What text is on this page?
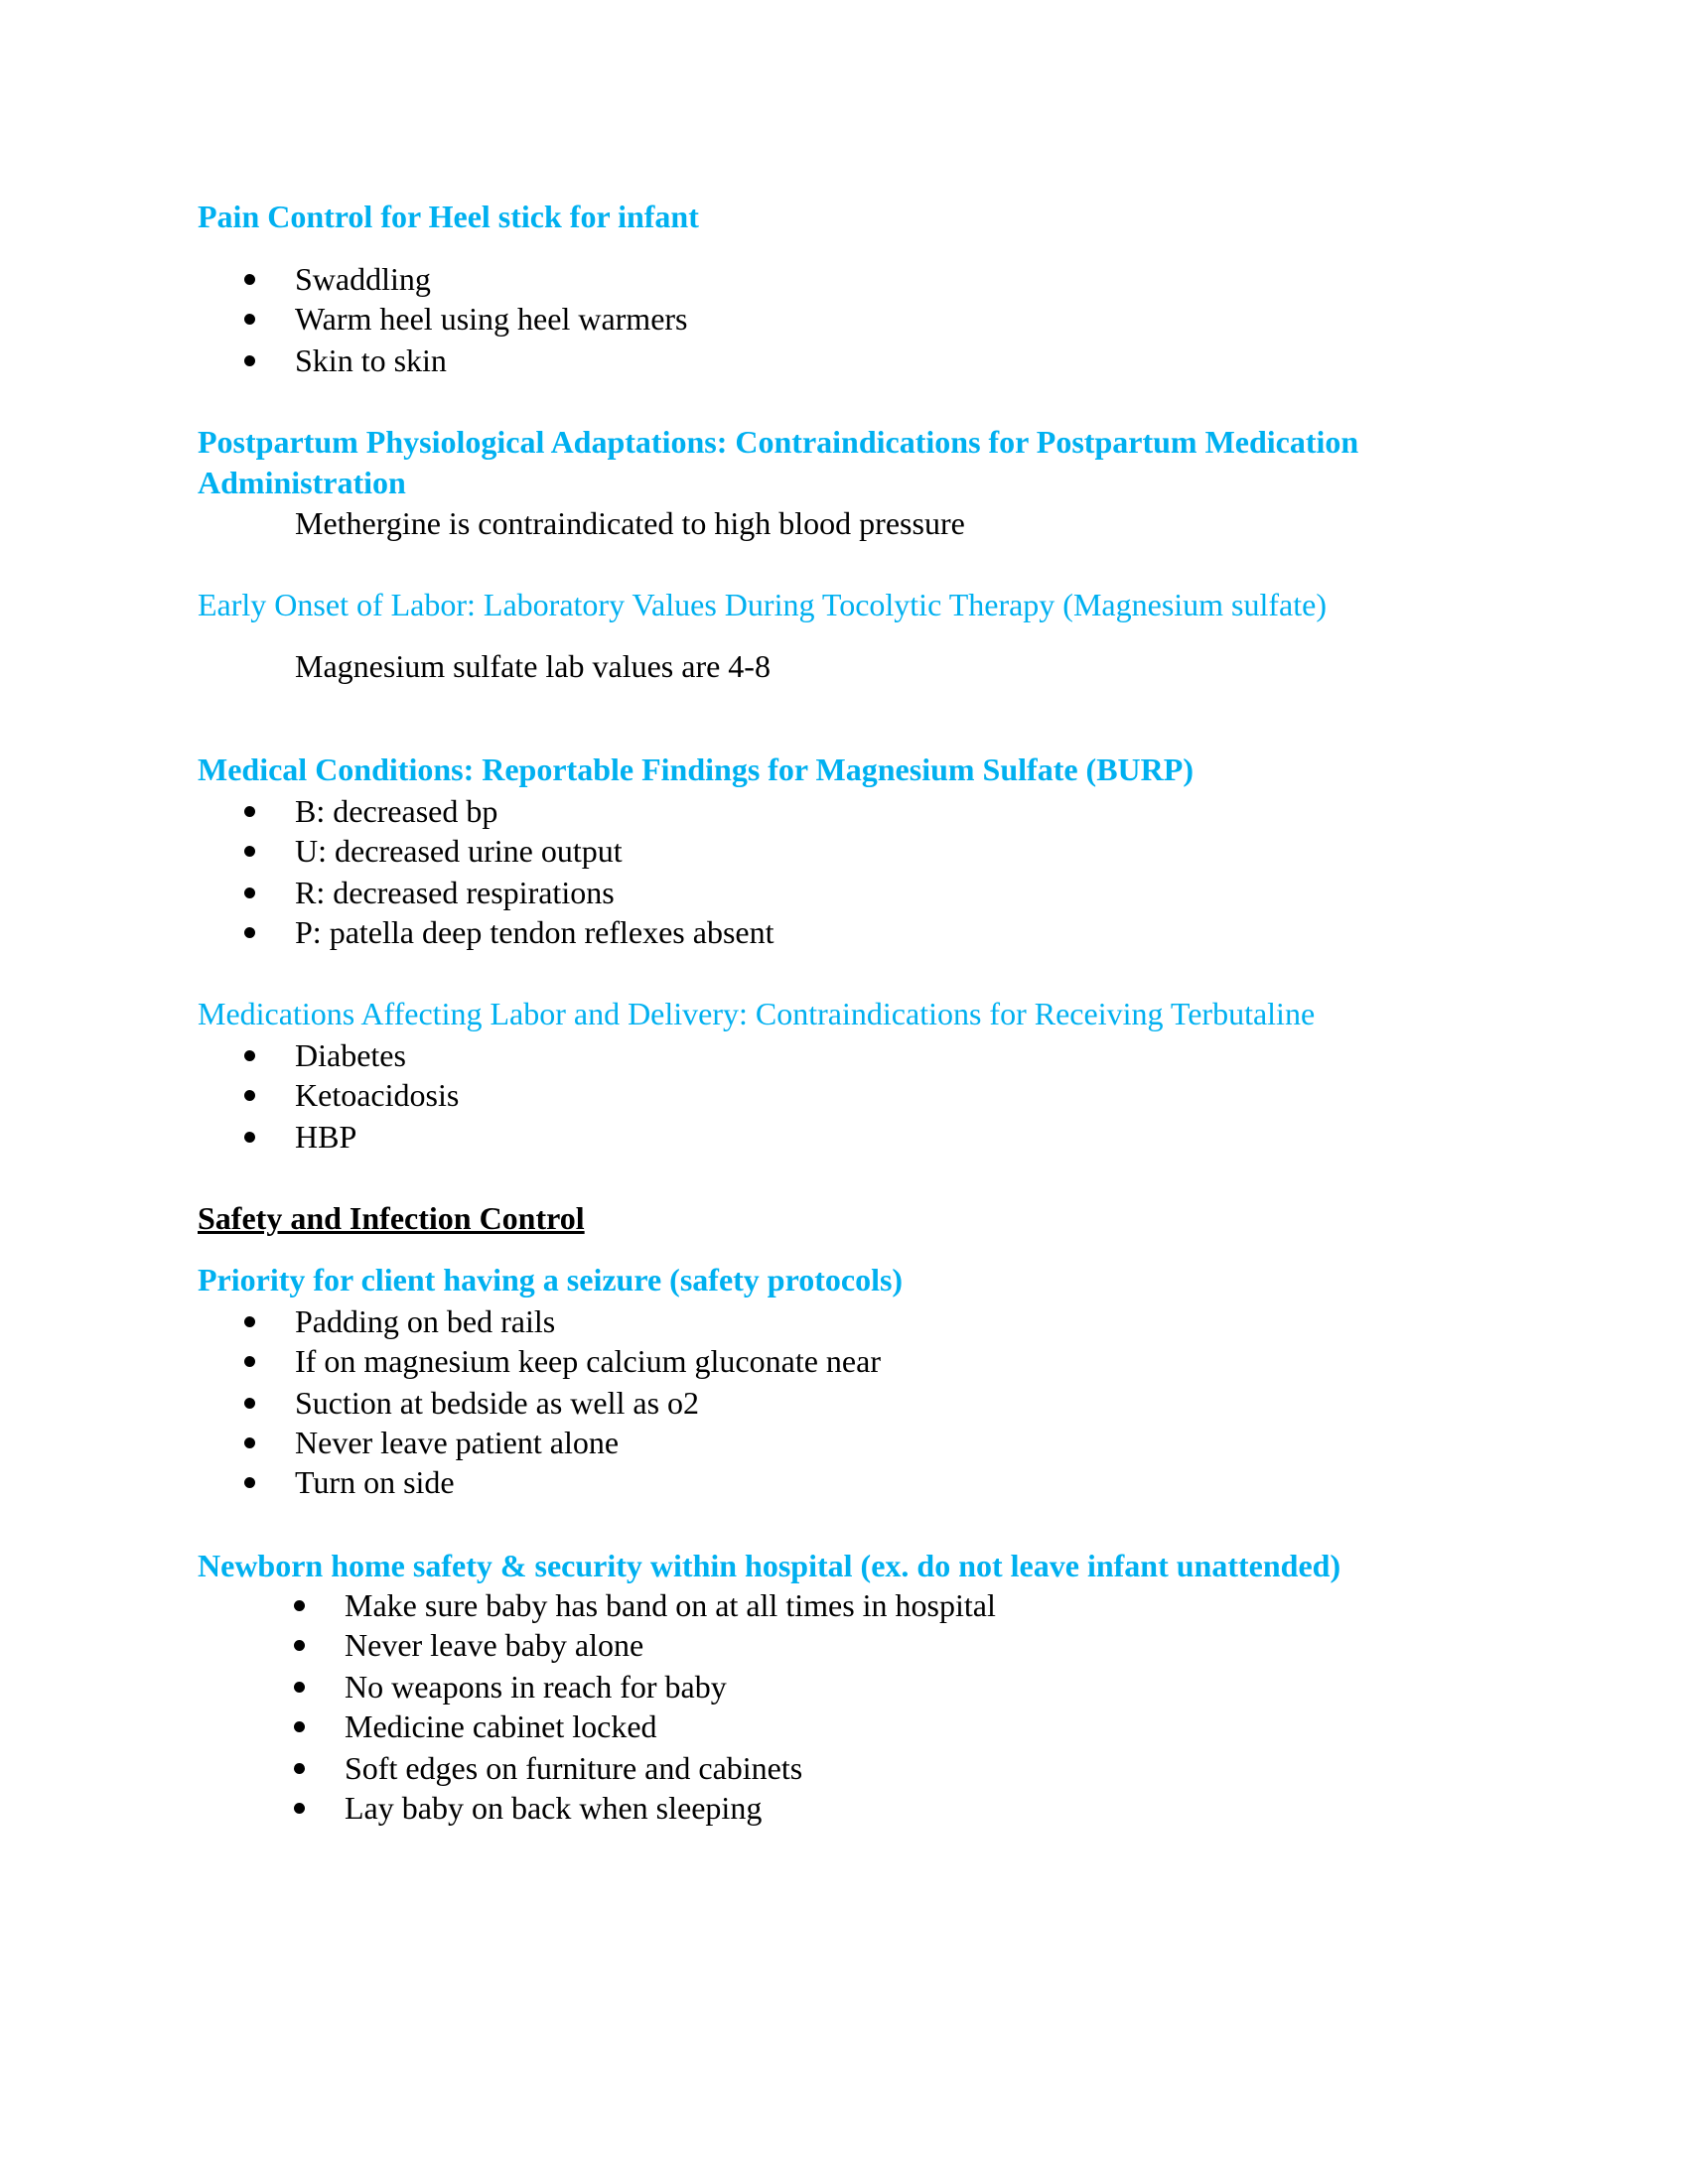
Pain Control for Heel stick for infant
Swaddling
Warm heel using heel warmers
Skin to skin
Postpartum Physiological Adaptations: Contraindications for Postpartum Medication
Administration
Methergine is contraindicated to high blood pressure
Early Onset of Labor: Laboratory Values During Tocolytic Therapy (Magnesium sulfate)
Magnesium sulfate lab values are 4-8
Medical Conditions: Reportable Findings for Magnesium Sulfate (BURP)
B: decreased bp
U: decreased urine output
R: decreased respirations
P: patella deep tendon reflexes absent
Medications Affecting Labor and Delivery: Contraindications for Receiving Terbutaline
Diabetes
Ketoacidosis
HBP
Safety and Infection Control
Priority for client having a seizure (safety protocols)
Padding on bed rails
If on magnesium keep calcium gluconate near
Suction at bedside as well as o2
Never leave patient alone
Turn on side
Newborn home safety & security within hospital (ex. do not leave infant unattended)
Make sure baby has band on at all times in hospital
Never leave baby alone
No weapons in reach for baby
Medicine cabinet locked
Soft edges on furniture and cabinets
Lay baby on back when sleeping
